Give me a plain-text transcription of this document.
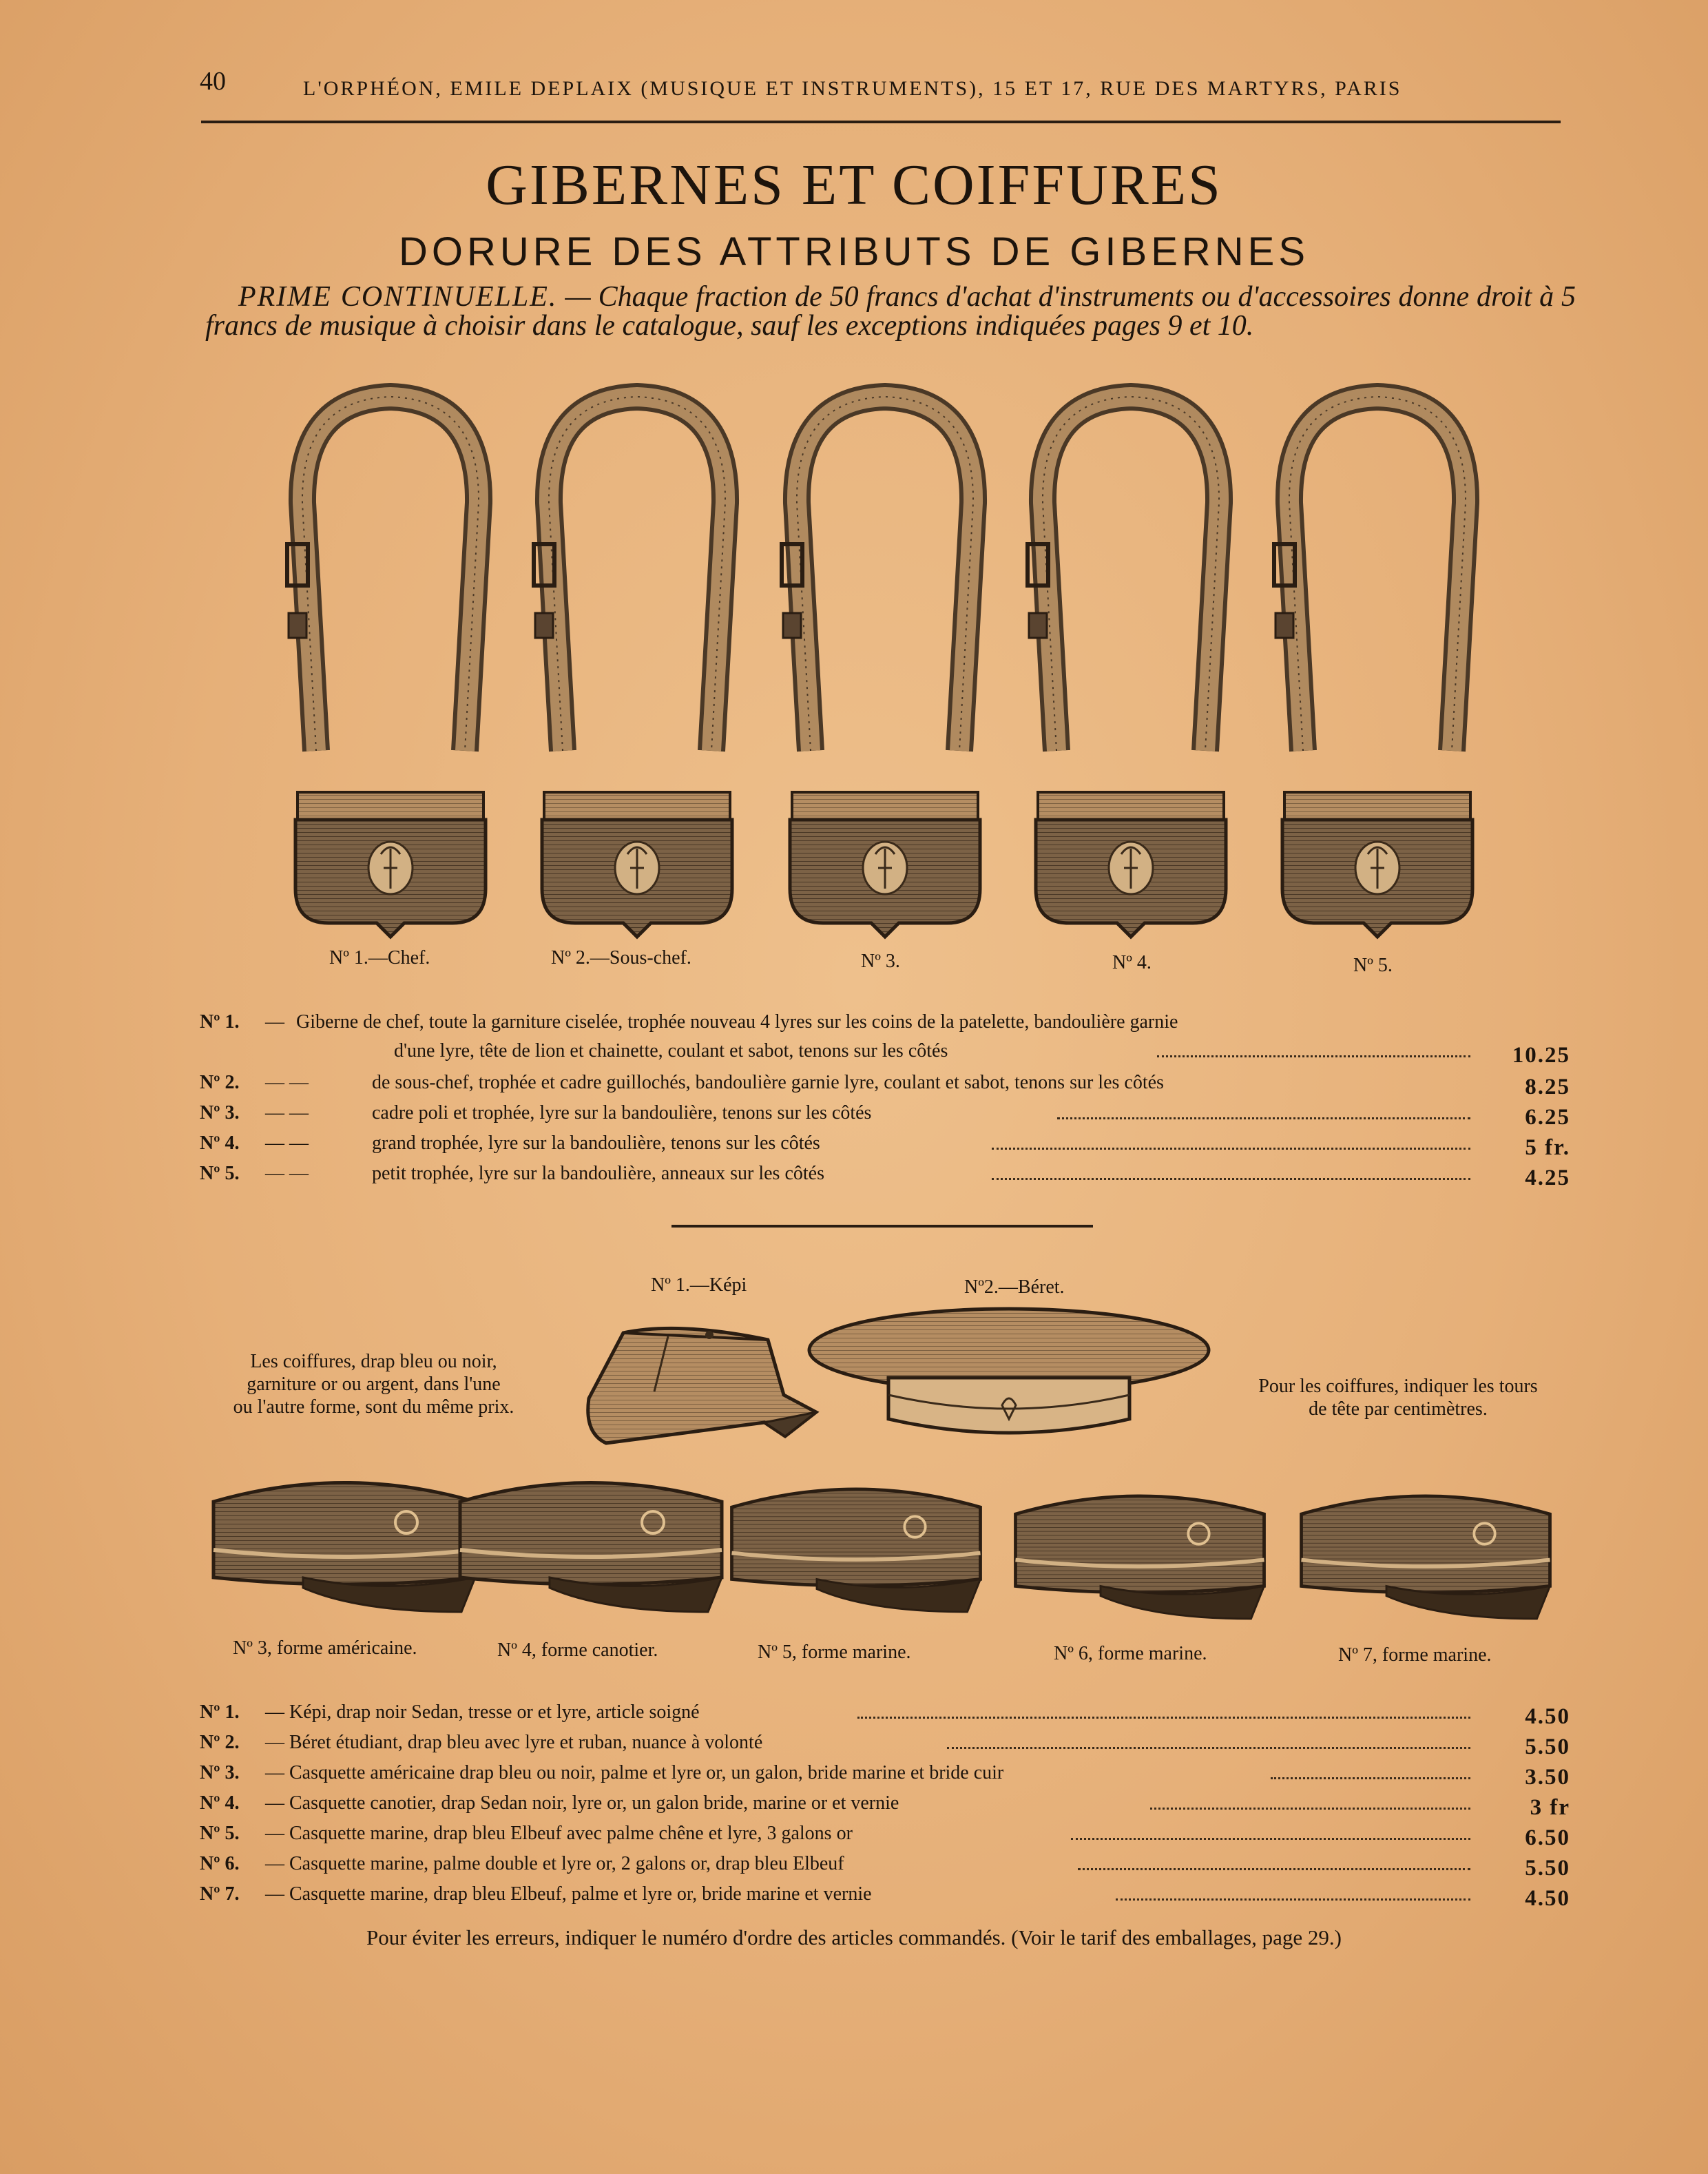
40	L'ORPHÉON, EMILE DEPLAIX (MUSIQUE ET INSTRUMENTS), 15 ET 17, RUE DES MARTYRS, PARIS
GIBERNES ET COIFFURES
DORURE DES ATTRIBUTS DE GIBERNES
PRIME CONTINUELLE. — Chaque fraction de 50 francs d'achat d'instruments ou d'accessoires donne droit à 5 francs de musique à choisir dans le catalogue, sauf les exceptions indiquées pages 9 et 10.
Nº 1.—Chef.	Nº 2.—Sous-chef.	Nº 3.	Nº 4.	Nº 5.
Nº 1. — Giberne de chef, toute la garniture ciselée, trophée nouveau 4 lyres sur les coins de la patelette, bandoulière garnie
d'une lyre, tête de lion et chainette, coulant et sabot, tenons sur les côtés	10.25
Nº 2. — —	de sous-chef, trophée et cadre guillochés, bandoulière garnie lyre, coulant et sabot, tenons sur les côtés	8.25
Nº 3. — —	cadre poli et trophée, lyre sur la bandoulière, tenons sur les côtés	6.25
Nº 4. — —	grand trophée, lyre sur la bandoulière, tenons sur les côtés	5 fr.
Nº 5. — —	petit trophée, lyre sur la bandoulière, anneaux sur les côtés	4.25
Nº 1.—Képi	Nº2.—Béret.
Les coiffures, drap bleu ou noir,
garniture or ou argent, dans l'une
ou l'autre forme, sont du même prix.
Pour les coiffures, indiquer les tours
de tête par centimètres.
Nº 3, forme américaine.	Nº 4, forme canotier.	Nº 5, forme marine.	Nº 6, forme marine.	Nº 7, forme marine.
Nº 1. — Képi, drap noir Sedan, tresse or et lyre, article soigné	4.50
Nº 2. — Béret étudiant, drap bleu avec lyre et ruban, nuance à volonté	5.50
Nº 3. — Casquette américaine drap bleu ou noir, palme et lyre or, un galon, bride marine et bride cuir	3.50
Nº 4. — Casquette canotier, drap Sedan noir, lyre or, un galon bride, marine or et vernie	3 fr
Nº 5. — Casquette marine, drap bleu Elbeuf avec palme chêne et lyre, 3 galons or	6.50
Nº 6. — Casquette marine, palme double et lyre or, 2 galons or, drap bleu Elbeuf	5.50
Nº 7. — Casquette marine, drap bleu Elbeuf, palme et lyre or, bride marine et vernie	4.50
Pour éviter les erreurs, indiquer le numéro d'ordre des articles commandés. (Voir le tarif des emballages, page 29.)
